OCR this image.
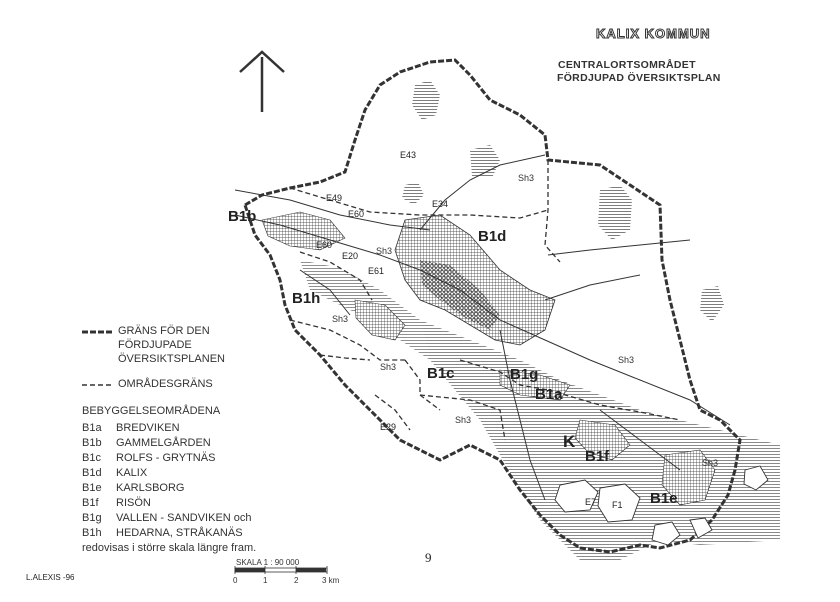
KALIX KOMMUN
CENTRALORTSOMRÅDET
FÖRDJUPAD ÖVERSIKTSPLAN
GRÄNS FÖR DEN
FÖRDJUPADE
ÖVERSIKTSPLANEN
OMRÅDESGRÄNS
BEBYGGELSEOMRÅDENA
B1a BREDVIKEN
B1b GAMMELGÅRDEN
B1c ROLFS - GRYTNÄS
B1d KALIX
B1e KARLSBORG
B1f RISÖN
B1g VALLEN - SANDVIKEN och
B1h HEDARNA, STRÅKANÄS
redovisas i större skala längre fram.
B1b
B1d
B1h
B1c	B1g
B1a
K
B1f
B1e
E43
E49
E60
E34
E60
E20
E61
E29
E7 F1
Sh3
Sh3
Sh3
Sh3
Sh3
Sh3
Sh3
SKALA 1 : 90 000
0	1	2	3 km
9
L.ALEXIS -96
